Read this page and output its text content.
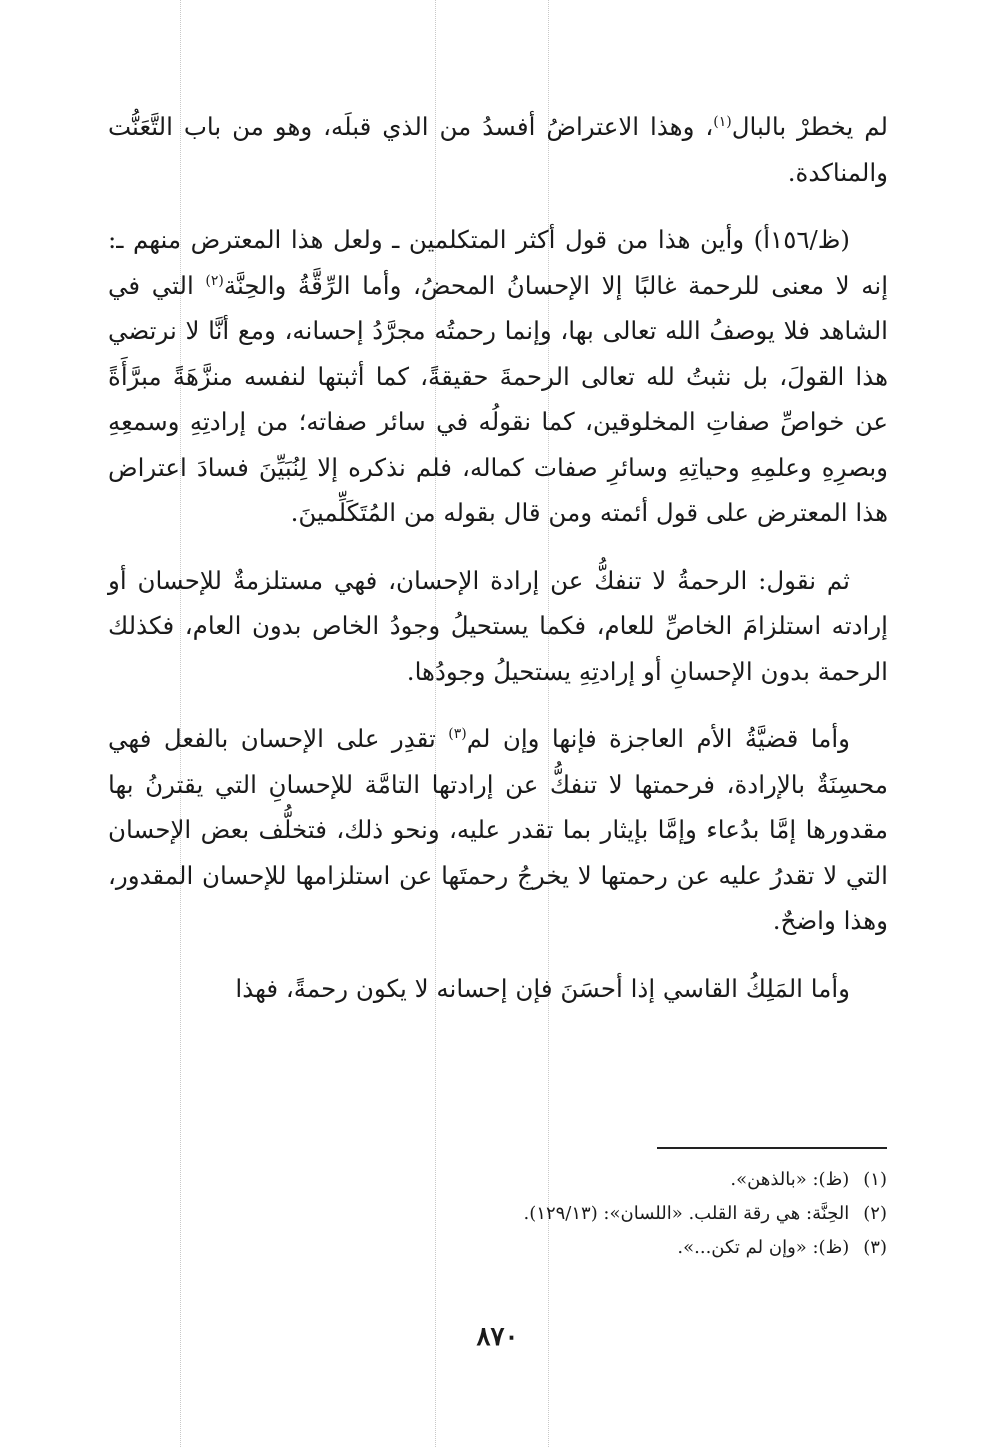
لم يخطرْ بالبال$^{(١)}$، وهذا الاعتراضُ أفسدُ من الذي قبلَه، وهو من باب التَّعَنُّت والمناكدة.

(ظ/١٥٦أ) وأين هذا من قول أكثر المتكلمين ـ ولعل هذا المعترض منهم ـ: إنه لا معنى للرحمة غالبًا إلا الإحسانُ المحضُ، وأما الرِّقَّةُ والحِنَّة$^{(٢)}$ التي في الشاهد فلا يوصفُ الله تعالى بها، وإنما رحمتُه مجرَّدُ إحسانه، ومع أنَّا لا نرتضي هذا القولَ، بل نثبتُ لله تعالى الرحمةَ حقيقةً، كما أثبتها لنفسه منزَّهَةً مبرَّأَةً عن خواصِّ صفاتِ المخلوقين، كما نقولُه في سائر صفاته؛ من إرادتِهِ وسمعِهِ وبصرِهِ وعلمِهِ وحياتِهِ وسائرِ صفات كماله، فلم نذكره إلا لِنُبَيِّنَ فسادَ اعتراض هذا المعترض على قول أئمته ومن قال بقوله من المُتَكَلِّمينَ.

ثم نقول: الرحمةُ لا تنفكُّ عن إرادة الإحسان، فهي مستلزمةٌ للإحسان أو إرادته استلزامَ الخاصِّ للعام، فكما يستحيلُ وجودُ الخاص بدون العام، فكذلك الرحمة بدون الإحسانِ أو إرادتِهِ يستحيلُ وجودُها.

وأما قضيَّةُ الأم العاجزة فإنها وإن لم$^{(٣)}$ تقدِر على الإحسان بالفعل فهي محسِنَةٌ بالإرادة، فرحمتها لا تنفكُّ عن إرادتها التامَّة للإحسانِ التي يقترنُ بها مقدورها إمَّا بدُعاء وإمَّا بإيثار بما تقدر عليه، ونحو ذلك، فتخلُّف بعض الإحسان التي لا تقدرُ عليه عن رحمتها لا يخرجُ رحمتَها عن استلزامها للإحسان المقدور، وهذا واضحٌ.

وأما المَلِكُ القاسي إذا أحسَنَ فإن إحسانه لا يكون رحمةً، فهذا

(١)(ظ): «بالذهن».
(٢)الحِنَّة: هي رقة القلب. «اللسان»: (١٢٩/١٣).
(٣)(ظ): «وإن لم تكن...».
٨٧٠
